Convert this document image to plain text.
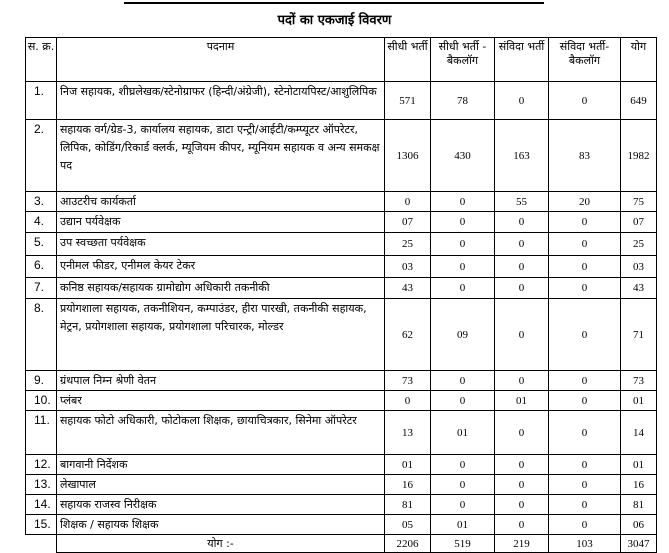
पदों का एकजाई विवरण
स. क्र.	पदनाम	सीधी भर्ती	सीधी भर्ती - बैकलॉग	संविदा भर्ती	संविदा भर्ती- बैकलॉग	योग
1.	निज सहायक, शीघ्रलेखक/स्टेनोग्राफर (हिन्दी/अंग्रेजी), स्टेनोटायपिस्ट/आशुलिपिक	571	78	0	0	649
2.	सहायक वर्ग/ग्रेड-3, कार्यालय सहायक, डाटा एन्ट्री/आईटी/कम्प्यूटर ऑपरेटर, लिपिक, कोडिंग/रिकार्ड क्लर्क, म्यूजियम कीपर, म्यूनियम सहायक व अन्य समकक्ष पद	1306	430	163	83	1982
3.	आउटरीच कार्यकर्ता	0	0	55	20	75
4.	उद्यान पर्यवेक्षक	07	0	0	0	07
5.	उप स्वच्छता पर्यवेक्षक	25	0	0	0	25
6.	एनीमल फीडर, एनीमल केयर टेकर	03	0	0	0	03
7.	कनिष्ठ सहायक/सहायक ग्रामोद्योग अधिकारी तकनीकी	43	0	0	0	43
8.	प्रयोगशाला सहायक, तकनीशियन, कम्पाउंडर, हीरा पारखी, तकनीकी सहायक, मेट्रन, प्रयोगशाला सहायक, प्रयोगशाला परिचारक, मोल्डर	62	09	0	0	71
9.	ग्रंथपाल निम्न श्रेणी वेतन	73	0	0	0	73
10.	प्लंबर	0	0	01	0	01
11.	सहायक फोटो अधिकारी, फोटोकला शिक्षक, छायाचित्रकार, सिनेमा ऑपरेटर	13	01	0	0	14
12.	बागवानी निर्देशक	01	0	0	0	01
13.	लेखापाल	16	0	0	0	16
14.	सहायक राजस्व निरीक्षक	81	0	0	0	81
15.	शिक्षक / सहायक शिक्षक	05	01	0	0	06
	योग :-	2206	519	219	103	3047
